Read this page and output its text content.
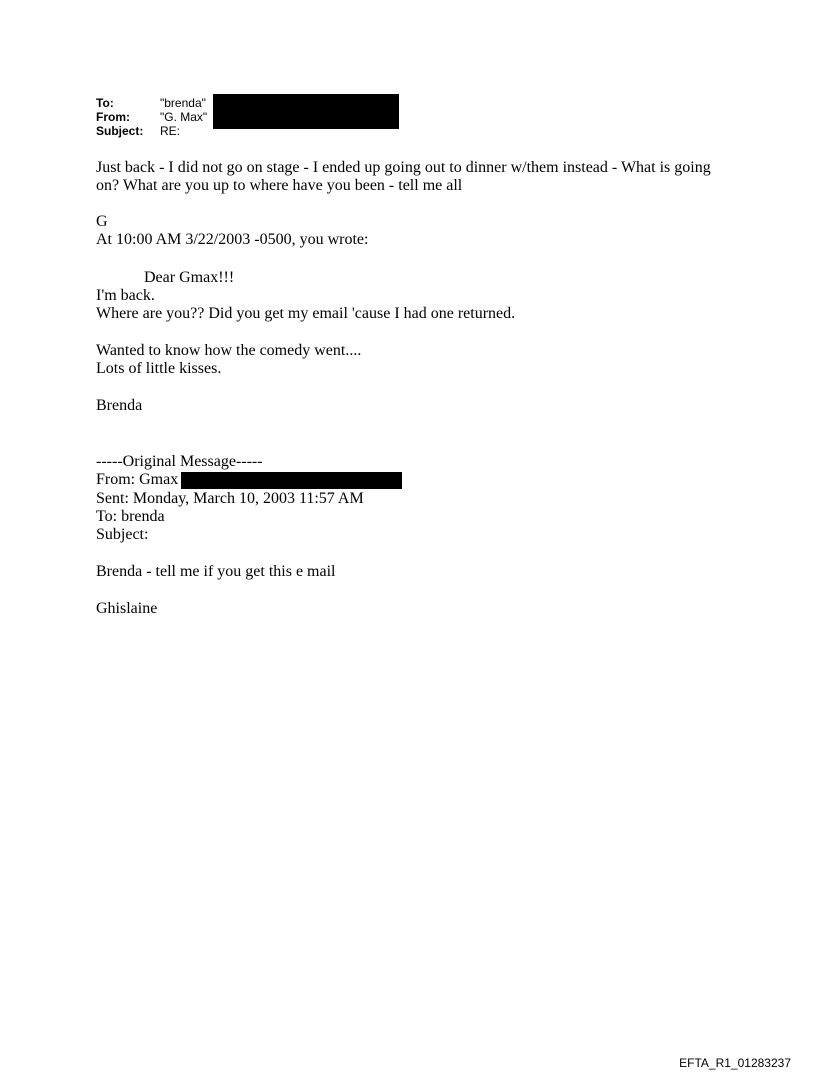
To:	"brenda"
From:	"G. Max"
Subject: RE:
Just back - I did not go on stage - I ended up going out to dinner w/them instead - What is going
on? What are you up to where have you been - tell me all
G
At 10:00 AM 3/22/2003 -0500, you wrote:
Dear Gmax!!!
I'm back.
Where are you?? Did you get my email 'cause I had one returned.
Wanted to know how the comedy went....
Lots of little kisses.
Brenda
-----Original Message-----
From: Gmax
Sent: Monday, March 10, 2003 11:57 AM
To: brenda
Subject:
Brenda - tell me if you get this e mail
Ghislaine
EFTA_R1_01283237
